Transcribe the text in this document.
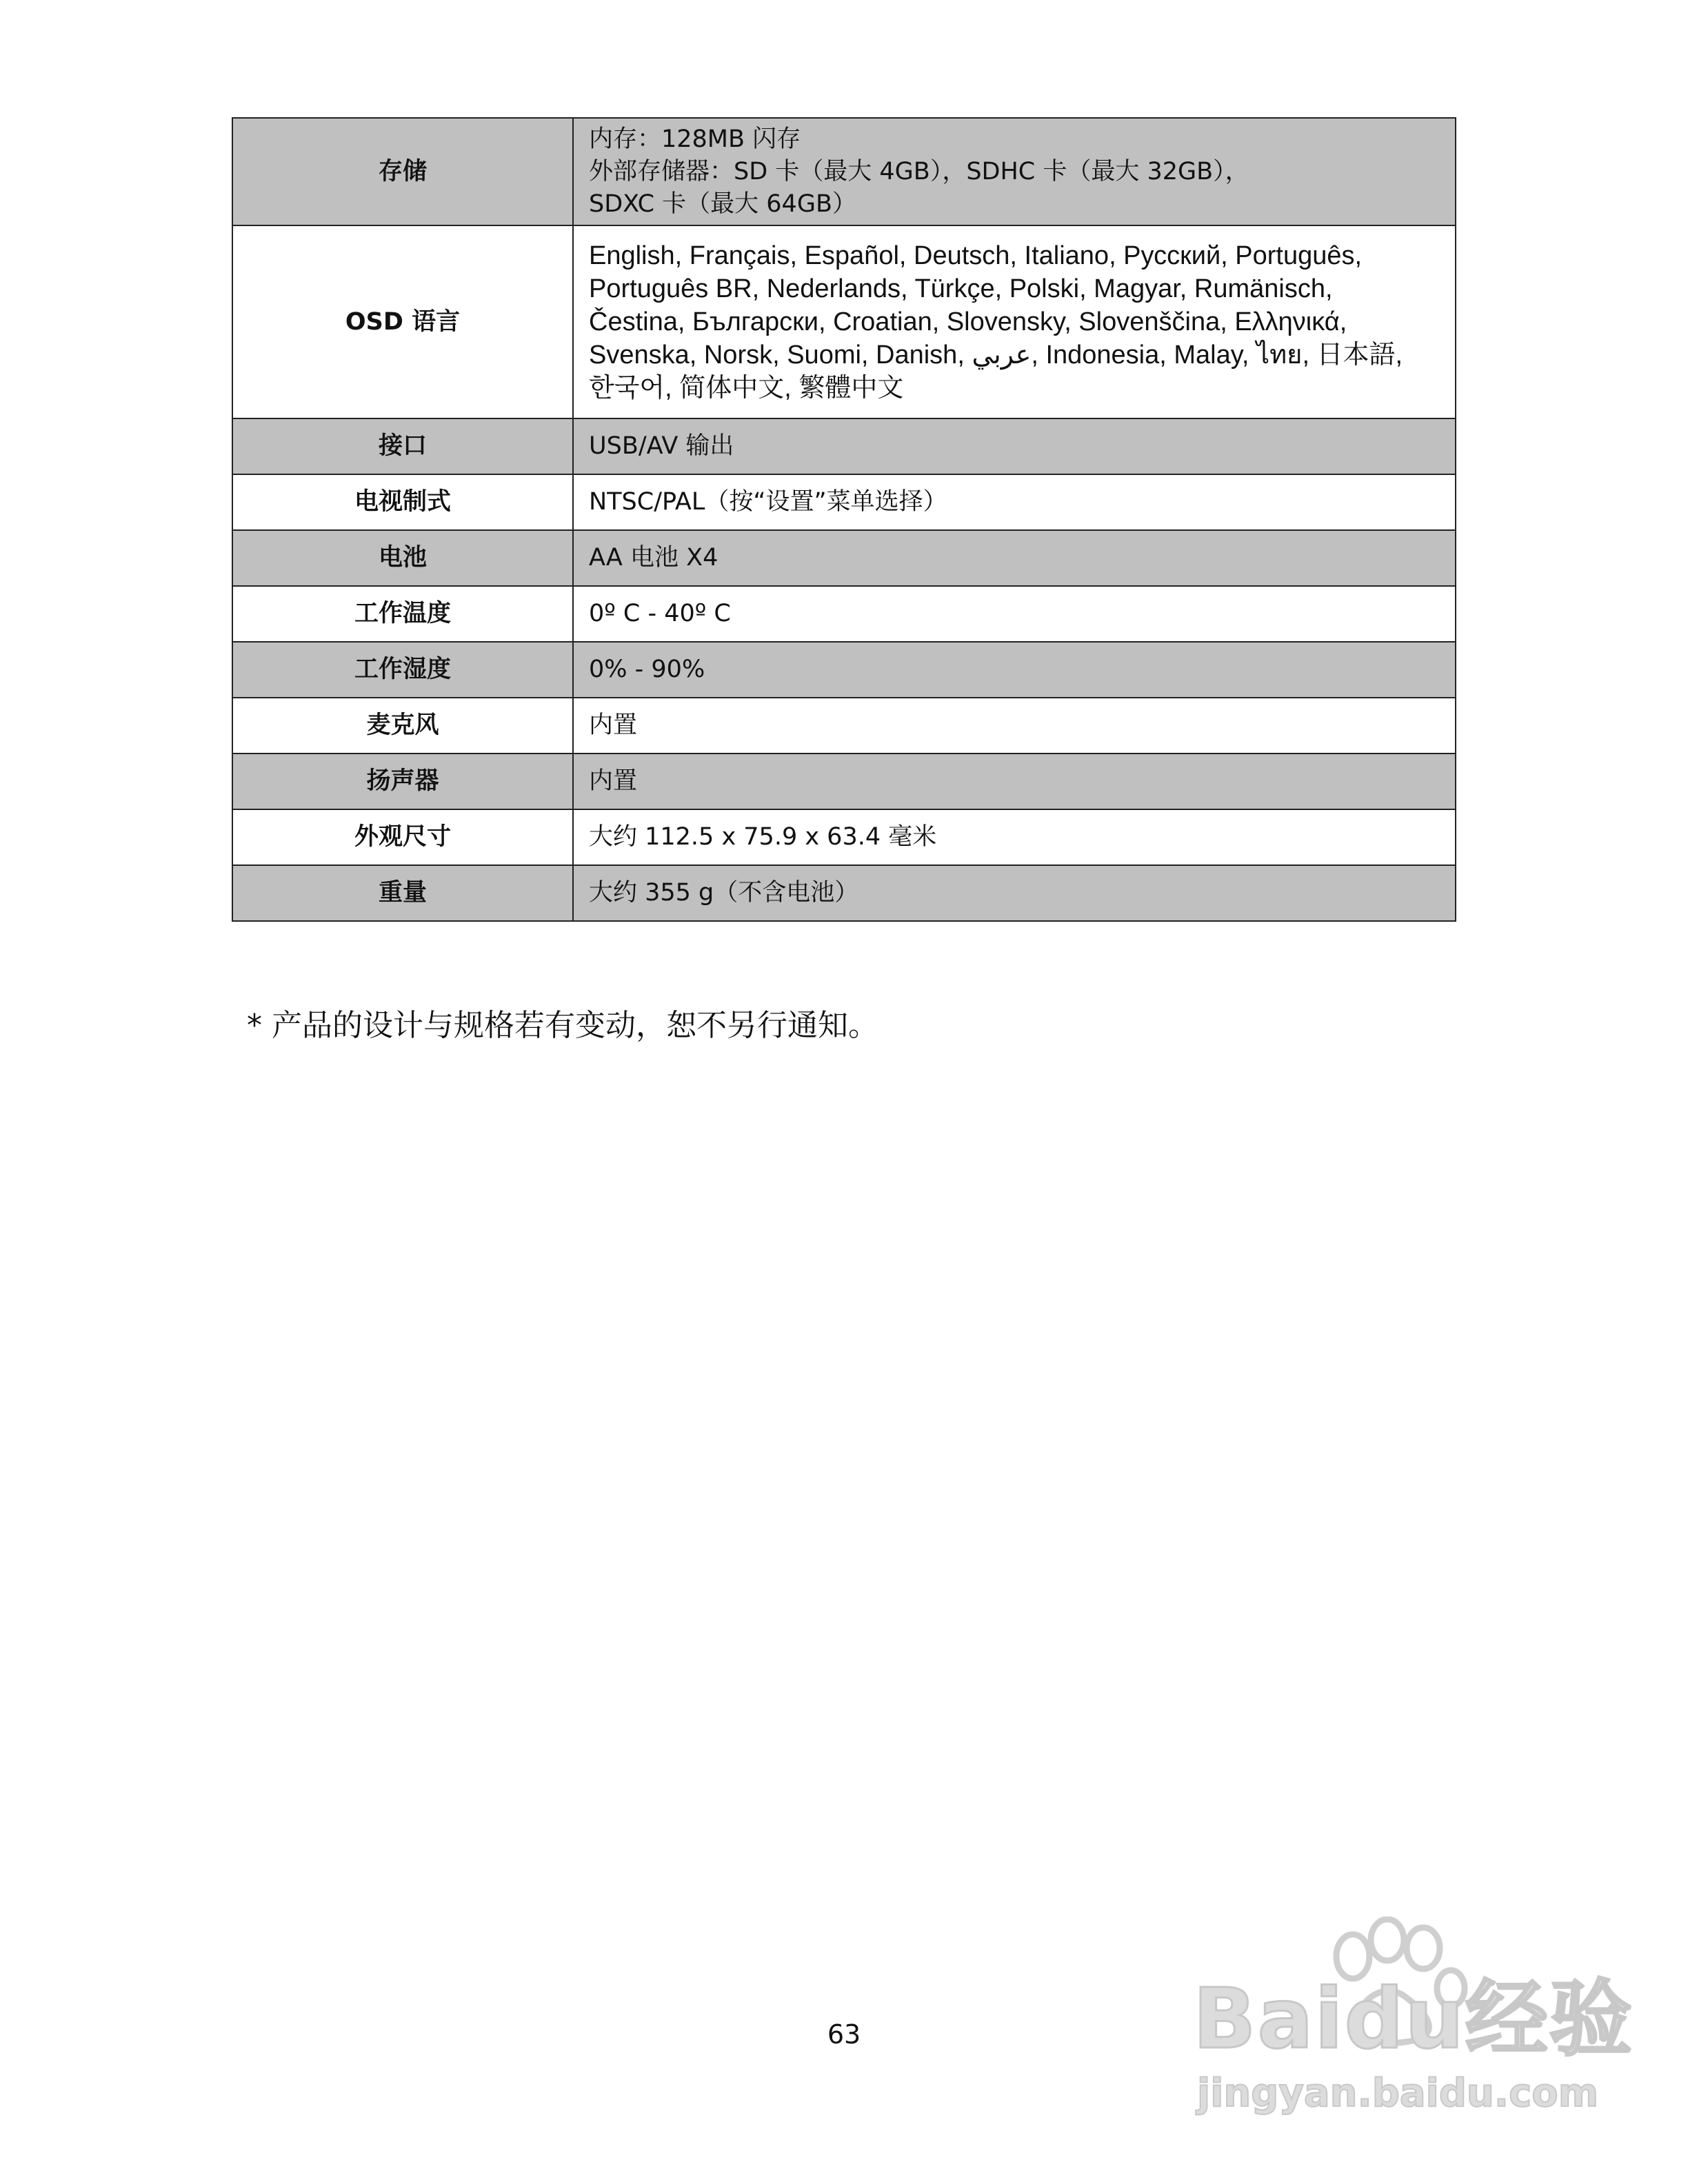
存储	内存：128MB 闪存
外部存储器：SD 卡（最大 4GB），SDHC 卡（最大 32GB），
SDXC 卡（最大 64GB）

OSD 语言	English, Français, Español, Deutsch, Italiano, Русский, Português,
Português BR, Nederlands, Türkçe, Polski, Magyar, Rumänisch,
Čestina, Български, Croatian, Slovensky, Slovenščina, Ελληνικά,
Svenska, Norsk, Suomi, Danish, عربي, Indonesia, Malay, ไทย, 日本語,
한국어, 简体中文, 繁體中文

接口	USB/AV 输出

电视制式	NTSC/PAL（按“设置”菜单选择）

电池	AA 电池 X4

工作温度	0º C - 40º C

工作湿度	0% - 90%

麦克风	内置

扬声器	内置

外观尺寸	大约 112.5 x 75.9 x 63.4 毫米

重量	大约 355 g（不含电池）
* 产品的设计与规格若有变动，恕不另行通知。
63	Baidu经验
jingyan.baidu.com
